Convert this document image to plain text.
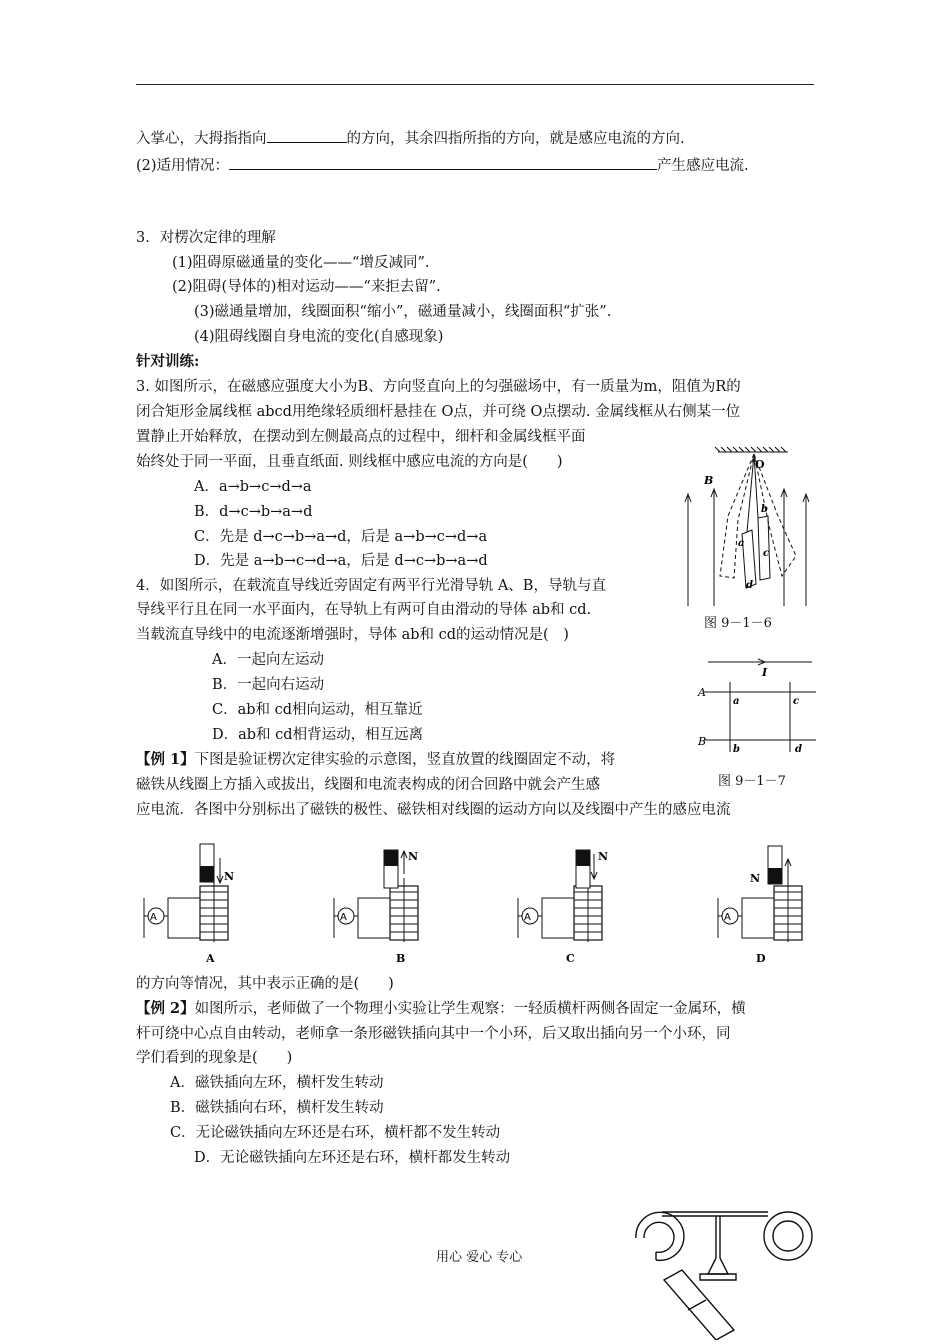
入掌心，大拇指指向	的方向，其余四指所指的方向，就是感应电流的方向.
(2)适用情况：	产生感应电流.
3．对楞次定律的理解
(1)阻碍原磁通量的变化——“增反减同”.
(2)阻碍(导体的)相对运动——“来拒去留”.
(3)磁通量增加，线圈面积“缩小”，磁通量减小，线圈面积“扩张”.
(4)阻碍线圈自身电流的变化(自感现象)
针对训练:
3. 如图所示，在磁感应强度大小为B、方向竖直向上的匀强磁场中，有一质量为m，阻值为R的
闭合矩形金属线框 abcd用绝缘轻质细杆悬挂在 O点，并可绕 O点摆动. 金属线框从右侧某一位
置静止开始释放，在摆动到左侧最高点的过程中，细杆和金属线框平面
始终处于同一平面，且垂直纸面. 则线框中感应电流的方向是(　　)
A．a→b→c→d→a
B．d→c→b→a→d
C．先是 d→c→b→a→d，后是 a→b→c→d→a
D．先是 a→b→c→d→a，后是 d→c→b→a→d
4．如图所示，在载流直导线近旁固定有两平行光滑导轨 A、B，导轨与直
导线平行且在同一水平面内，在导轨上有两可自由滑动的导体 ab和 cd.
当载流直导线中的电流逐渐增强时，导体 ab和 cd的运动情况是(　)
A．一起向左运动
B．一起向右运动
C．ab和 cd相向运动，相互靠近
D．ab和 cd相背运动，相互远离
【例 1】下图是验证楞次定律实验的示意图，竖直放置的线圈固定不动，将
磁铁从线圈上方插入或拔出，线圈和电流表构成的闭合回路中就会产生感
应电流．各图中分别标出了磁铁的极性、磁铁相对线圈的运动方向以及线圈中产生的感应电流
O
B
b
a
c
d
图 9－1－6
I
A
B
a	c
b	d
图 9－1－7
A
N
A
A
N
B
A
N
C
A
N
D
的方向等情况，其中表示正确的是(　　)
【例 2】如图所示，老师做了一个物理小实验让学生观察：一轻质横杆两侧各固定一金属环，横
杆可绕中心点自由转动，老师拿一条形磁铁插向其中一个小环，后又取出插向另一个小环，同
学们看到的现象是(　　)
A．磁铁插向左环，横杆发生转动
B．磁铁插向右环，横杆发生转动
C．无论磁铁插向左环还是右环，横杆都不发生转动
D．无论磁铁插向左环还是右环，横杆都发生转动
用心 爱心 专心
